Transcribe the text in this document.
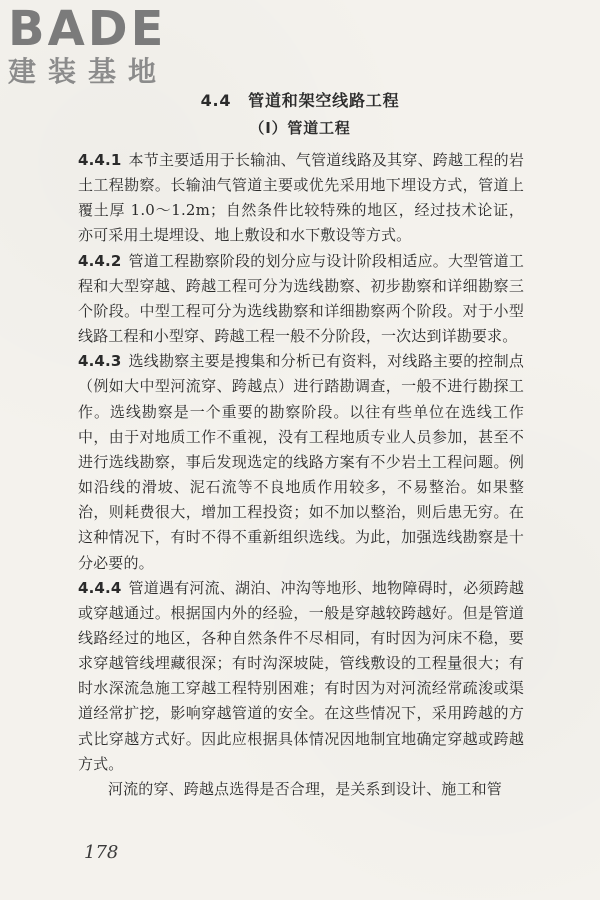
BADE
建装基地
4.4　管道和架空线路工程
（Ⅰ）管道工程

4.4.1 本节主要适用于长输油、气管道线路及其穿、跨越工程的岩土工程勘察。长输油气管道主要或优先采用地下埋设方式，管道上覆土厚 1.0～1.2m；自然条件比较特殊的地区，经过技术论证，亦可采用土堤埋设、地上敷设和水下敷设等方式。

4.4.2 管道工程勘察阶段的划分应与设计阶段相适应。大型管道工程和大型穿越、跨越工程可分为选线勘察、初步勘察和详细勘察三个阶段。中型工程可分为选线勘察和详细勘察两个阶段。对于小型线路工程和小型穿、跨越工程一般不分阶段，一次达到详勘要求。

4.4.3 选线勘察主要是搜集和分析已有资料，对线路主要的控制点（例如大中型河流穿、跨越点）进行踏勘调查，一般不进行勘探工作。选线勘察是一个重要的勘察阶段。以往有些单位在选线工作中，由于对地质工作不重视，没有工程地质专业人员参加，甚至不进行选线勘察，事后发现选定的线路方案有不少岩土工程问题。例如沿线的滑坡、泥石流等不良地质作用较多，不易整治。如果整治，则耗费很大，增加工程投资；如不加以整治，则后患无穷。在这种情况下，有时不得不重新组织选线。为此，加强选线勘察是十分必要的。

4.4.4 管道遇有河流、湖泊、冲沟等地形、地物障碍时，必须跨越或穿越通过。根据国内外的经验，一般是穿越较跨越好。但是管道线路经过的地区，各种自然条件不尽相同，有时因为河床不稳，要求穿越管线埋藏很深；有时沟深坡陡，管线敷设的工程量很大；有时水深流急施工穿越工程特别困难；有时因为对河流经常疏浚或渠道经常扩挖，影响穿越管道的安全。在这些情况下，采用跨越的方式比穿越方式好。因此应根据具体情况因地制宜地确定穿越或跨越方式。

河流的穿、跨越点选得是否合理，是关系到设计、施工和管

178
